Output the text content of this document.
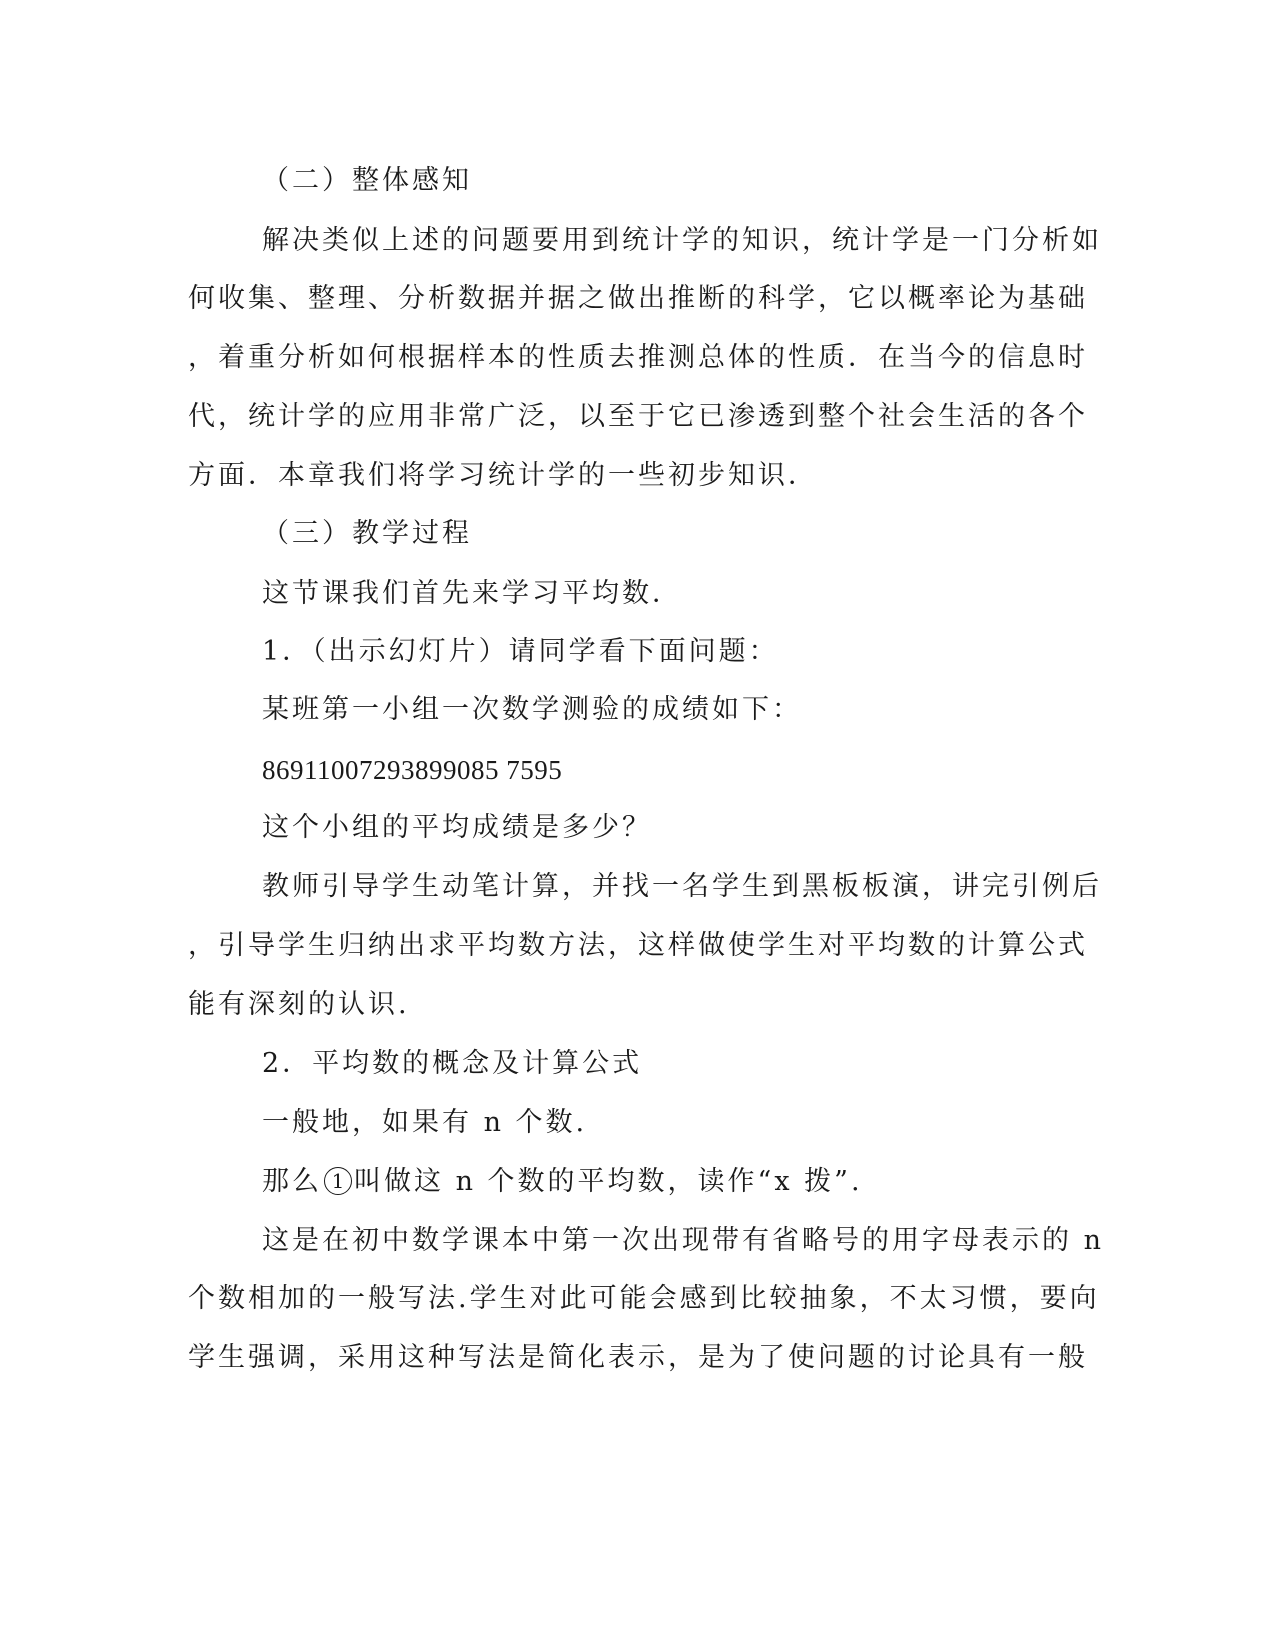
（二）整体感知
解决类似上述的问题要用到统计学的知识，统计学是一门分析如
何收集、整理、分析数据并据之做出推断的科学，它以概率论为基础
，着重分析如何根据样本的性质去推测总体的性质．在当今的信息时
代，统计学的应用非常广泛，以至于它已渗透到整个社会生活的各个
方面．本章我们将学习统计学的一些初步知识．
（三）教学过程
这节课我们首先来学习平均数．
1．（出示幻灯片）请同学看下面问题：
某班第一小组一次数学测验的成绩如下：
86911007293899085 7595
这个小组的平均成绩是多少？
教师引导学生动笔计算，并找一名学生到黑板板演，讲完引例后
，引导学生归纳出求平均数方法，这样做使学生对平均数的计算公式
能有深刻的认识.
2．平均数的概念及计算公式
一般地，如果有 n 个数.
那么 1 叫做这 n 个数的平均数，读作“x 拨”.
这是在初中数学课本中第一次出现带有省略号的用字母表示的 n
个数相加的一般写法.学生对此可能会感到比较抽象，不太习惯，要向
学生强调，采用这种写法是简化表示，是为了使问题的讨论具有一般
